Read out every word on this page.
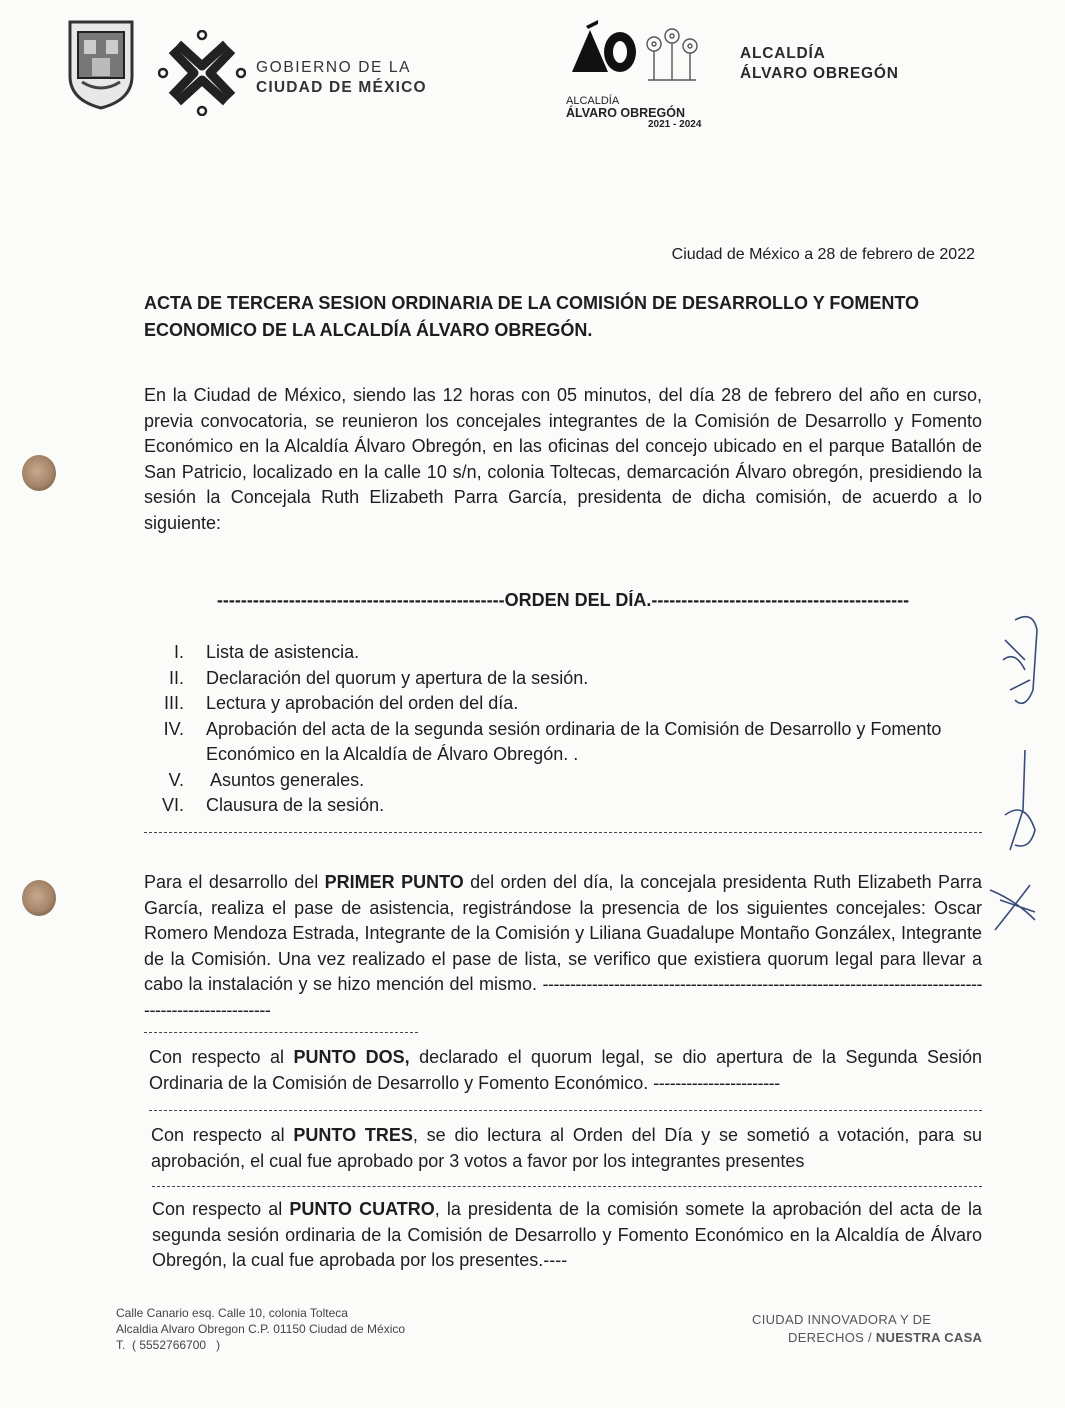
GOBIERNO DE LA
CIUDAD DE MÉXICO
ALCALDÍA
ÁLVARO OBREGÓN
2021 - 2024
ALCALDÍA
ÁLVARO OBREGÓN
Ciudad de México a 28 de febrero de 2022
ACTA DE TERCERA SESION ORDINARIA DE LA COMISIÓN DE DESARROLLO Y FOMENTO ECONOMICO DE LA ALCALDÍA ÁLVARO OBREGÓN.
En la Ciudad de México, siendo las 12 horas con 05 minutos, del día 28 de febrero del año en curso, previa convocatoria, se reunieron los concejales integrantes de la Comisión de Desarrollo y Fomento Económico en la Alcaldía Álvaro Obregón, en las oficinas del concejo ubicado en el parque Batallón de San Patricio, localizado en la calle 10 s/n, colonia Toltecas, demarcación Álvaro obregón, presidiendo la sesión la Concejala Ruth Elizabeth Parra García, presidenta de dicha comisión, de acuerdo a lo siguiente:
------------------------------------------------ORDEN DEL DÍA.-------------------------------------------
I. Lista de asistencia.
II. Declaración del quorum y apertura de la sesión.
III. Lectura y aprobación del orden del día.
IV. Aprobación del acta de la segunda sesión ordinaria de la Comisión de Desarrollo y Fomento Económico en la Alcaldía de Álvaro Obregón. .
V. Asuntos generales.
VI. Clausura de la sesión.
Para el desarrollo del PRIMER PUNTO del orden del día, la concejala presidenta Ruth Elizabeth Parra García, realiza el pase de asistencia, registrándose la presencia de los siguientes concejales: Oscar Romero Mendoza Estrada, Integrante de la Comisión y Liliana Guadalupe Montaño Gonzálex, Integrante de la Comisión. Una vez realizado el pase de lista, se verifico que existiera quorum legal para llevar a cabo la instalación y se hizo mención del mismo. -------------------------------------------------------------------------------------------------------
Con respecto al PUNTO DOS, declarado el quorum legal, se dio apertura de la Segunda Sesión Ordinaria de la Comisión de Desarrollo y Fomento Económico. -----------------------
Con respecto al PUNTO TRES, se dio lectura al Orden del Día y se sometió a votación, para su aprobación, el cual fue aprobado por 3 votos a favor por los integrantes presentes
Con respecto al PUNTO CUATRO, la presidenta de la comisión somete la aprobación del acta de la segunda sesión ordinaria de la Comisión de Desarrollo y Fomento Económico en la Alcaldía de Álvaro Obregón, la cual fue aprobada por los presentes.----
Calle Canario esq. Calle 10, colonia Tolteca
Alcaldia Alvaro Obregon C.P. 01150 Ciudad de México
T.  ( 5552766700   )
CIUDAD INNOVADORA Y DE
DERECHOS / NUESTRA CASA
